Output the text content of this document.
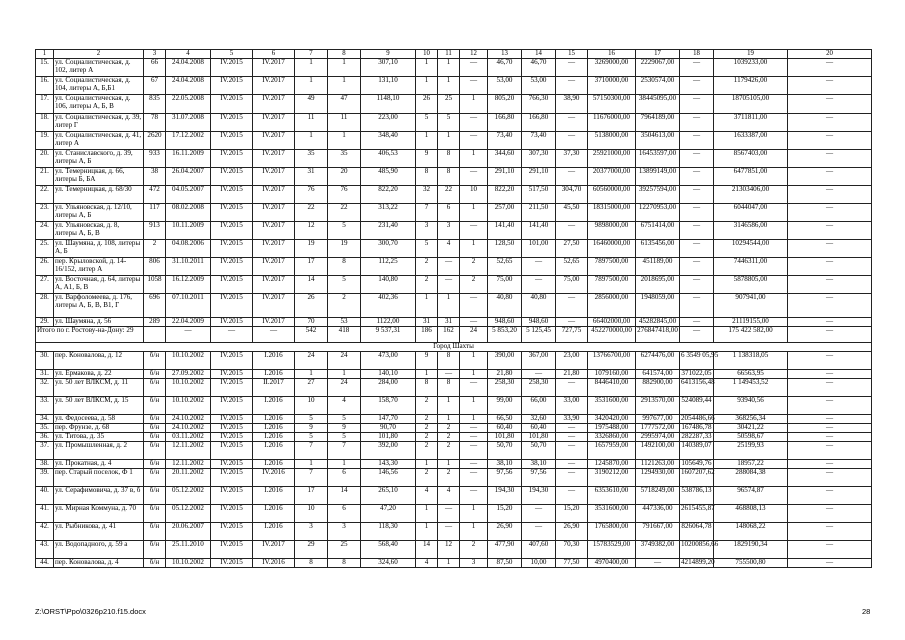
1	2	3	4	5	6	7	8	9	10	11	12	13	14	15	16	17	18	19	20
15.	ул. Социалистическая, д. 102, литер А	66	24.04.2008	IV.2015	IV.2017	1	1	307,10	1	1	—	46,70	46,70	—	3269000,00	2229067,00	—	1039233,00	—
16.	ул. Социалистическая, д. 104, литеры А, Б,Б1	67	24.04.2008	IV.2015	IV.2017	1	1	131,10	1	1	—	53,00	53,00	—	3710000,00	2530574,00	—	1179426,00	—
17.	ул. Социалистическая, д. 106, литеры А, Б, В	835	22.05.2008	IV.2015	IV.2017	49	47	1148,10	26	25	1	805,20	766,30	38,90	57150300,00	38445095,00	—	18705105,00	—
18.	ул. Социалистическая, д. 39, литер Г	78	31.07.2008	IV.2015	IV.2017	11	11	223,00	5	5	—	166,80	166,80	—	11676000,00	7964189,00	—	3711811,00	—
19.	ул. Социалистическая, д. 41, литер А	2620	17.12.2002	IV.2015	IV.2017	1	1	348,40	1	1	—	73,40	73,40	—	5138000,00	3504613,00	—	1633387,00	—
20.	ул. Станиславского, д. 39, литеры А, Б	933	16.11.2009	IV.2015	IV.2017	35	35	406,53	9	8	1	344,60	307,30	37,30	25921000,00	16453597,00	—	8567403,00	—
21.	ул. Темерницкая, д. 66, литеры Б, БА	38	26.04.2007	IV.2015	IV.2017	31	20	485,90	8	8	—	291,10	291,10	—	20377000,00	13899149,00	—	6477851,00	—
22.	ул. Темерницкая, д. 68/30	472	04.05.2007	IV.2015	IV.2017	76	76	822,20	32	22	10	822,20	517,50	304,70	60560000,00	39257594,00	—	21303406,00	—
23.	ул. Ульяновская, д. 12/10, литеры А, Б	117	08.02.2008	IV.2015	IV.2017	22	22	313,22	7	6	1	257,00	211,50	45,50	18315000,00	12270953,00	—	6044047,00	—
24.	ул. Ульяновская, д. 8, литеры А, Б, В	913	10.11.2009	IV.2015	IV.2017	12	5	231,40	3	3	—	141,40	141,40	—	9898000,00	6751414,00	—	3146586,00	—
25.	ул. Шаумяна, д. 108, литеры А, Б	2	04.08.2006	IV.2015	IV.2017	19	19	300,70	5	4	1	128,50	101,00	27,50	16460000,00	6135456,00	—	10294544,00	—
26.	пер. Крыловской, д. 14-16/152, литер А	806	31.10.2011	IV.2015	IV.2017	17	8	112,25	2	—	2	52,65	—	52,65	7897500,00	451189,00	—	7446311,00	—
27.	ул. Восточная, д. 64, литеры А, А1, Б, В	1058	16.12.2009	IV.2015	IV.2017	14	5	140,80	2	—	2	75,00	—	75,00	7897500,00	2018695,00	—	5878805,00	—
28.	ул. Варфоломеева, д. 176, литеры А, Б, В, В1, Г	696	07.10.2011	IV.2015	IV.2017	26	2	402,36	1	1	—	40,80	40,80	—	2856000,00	1948059,00	—	907941,00	—
29.	ул. Шаумяна, д. 56	289	22.04.2009	IV.2015	IV.2017	70	53	1122,00	31	31	—	948,60	948,60	—	66402000,00	45282845,00	—	21119155,00	—
Итого по г. Ростову-на-Дону: 29			—	—	—	542	418	9 537,31	186	162	24	5 853,20	5 125,45	727,75	452270000,00	276847418,00	—	175 422 582,00	—
Город Шахты																			
30.	пер. Коновалова, д. 12	б/н	10.10.2002	IV.2015	I.2016	24	24	473,00	9	8	1	390,00	367,00	23,00	13766700,00	6274476,00	6 3549 05,95	1 138318,05	—
31.	ул. Ермакова, д. 22	б/н	27.09.2002	IV.2015	I.2016	1	1	140,10	1	—	1	21,80	—	21,80	1079160,00	641574,00	371022,05	66563,95	—
32.	ул. 50 лет ВЛКСМ, д. 11	б/н	10.10.2002	IV.2015	II.2017	27	24	284,00	8	8	—	258,30	258,30	—	8446410,00	882900,00	6413156,48	1 149453,52	—
33.	ул. 50 лет ВЛКСМ, д. 15	б/н	10.10.2002	IV.2015	I.2016	10	4	158,70	2	1	1	99,00	66,00	33,00	3531600,00	2913570,00	524089,44	93940,56	—
34.	ул. Федосеева, д. 58	б/н	24.10.2002	IV.2015	I.2016	5	5	147,70	2	1	1	66,50	32,60	33,90	3420420,00	997677,00	2054486,66	368256,34	—
35.	пер. Фрунзе, д. 68	б/н	24.10.2002	IV.2015	I.2016	9	9	90,70	2	2	—	60,40	60,40	—	1975488,00	1777572,00	167486,78	30421,22	—
36.	ул. Титова, д. 35	б/н	03.11.2002	IV.2015	I.2016	5	5	101,80	2	2	—	101,80	101,80	—	3326860,00	2995974,00	282287,33	50598,67	—
37.	ул. Промышленная, д. 2	б/н	12.11.2002	IV.2015	I.2016	7	7	392,00	2	2	—	50,70	50,70	—	1657959,00	1492100,00	140389,07	25199,93	—
38.	ул. Прокатная, д. 4	б/н	12.11.2002	IV.2015	I.2016	1	1	143,30	1	1	—	38,10	38,10	—	1245870,00	1121263,00	105649,76	18957,22	—
39.	пер. Старый поселок, Ф 1	б/н	20.11.2002	IV.2015	IV.2016	7	6	146,56	2	2	—	97,56	97,56	—	3190212,00	1294930,00	1607207,62	288084,38	—
40.	ул. Серафимовича, д. 37 в, б	б/н	05.12.2002	IV.2015	I.2016	17	14	265,10	4	4	—	194,30	194,30	—	6353610,00	5718249,00	538786,13	96574,87	—
41.	ул. Мирная Коммуна, д. 70	б/н	05.12.2002	IV.2015	I.2016	10	6	47,20	1	—	1	15,20	—	15,20	3531600,00	447336,00	2615455,87	468808,13	—
42.	ул. Рыбникова, д. 41	б/н	20.06.2007	IV.2015	I.2016	3	3	118,30	1	—	1	26,90	—	26,90	1765800,00	791667,00	826064,78	148068,22	—
43.	ул. Водопадного, д. 59 а	б/н	25.11.2010	IV.2015	IV.2017	29	25	568,40	14	12	2	477,90	407,60	70,30	15783529,00	3749382,00	10200856,66	1829190,34	—
44.	пер. Коновалова, д. 4	б/н	10.10.2002	IV.2015	IV.2016	8	8	324,60	4	1	3	87,50	10,00	77,50	4970400,00	—	4214899,20	755500,80	—
Z:\ORST\Ppo\0326p210.f15.docx	28
